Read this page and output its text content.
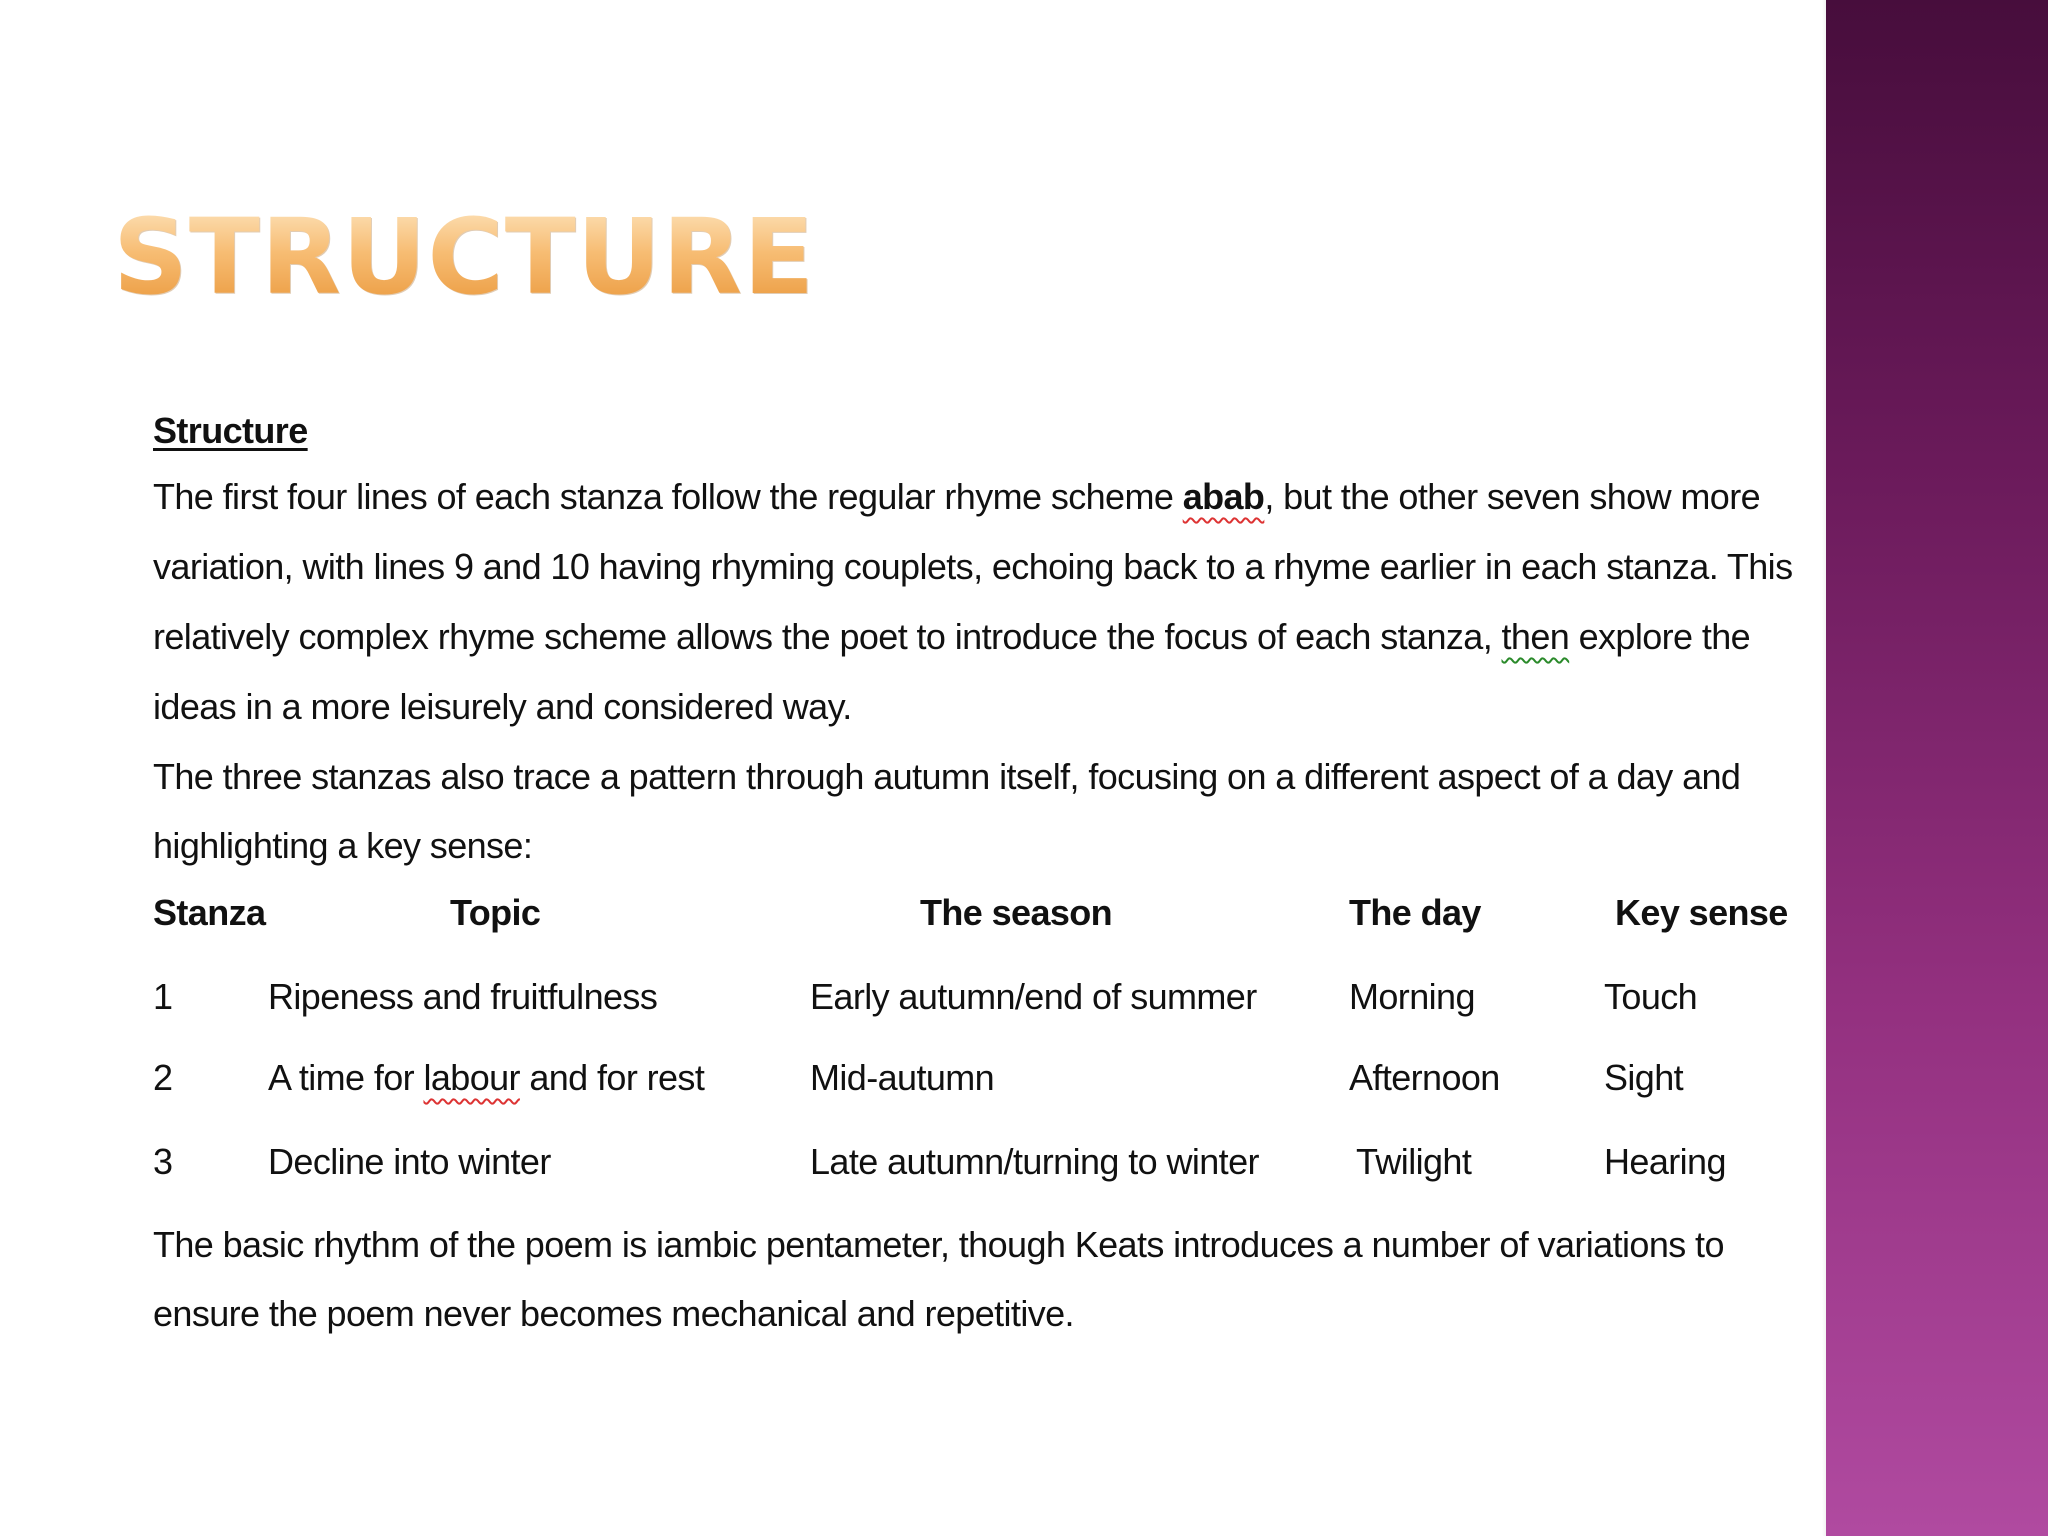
STRUCTURE
Structure
The first four lines of each stanza follow the regular rhyme scheme abab, but the other seven show more variation, with lines 9 and 10 having rhyming couplets, echoing back to a rhyme earlier in each stanza. This relatively complex rhyme scheme allows the poet to introduce the focus of each stanza, then explore the ideas in a more leisurely and considered way.
The three stanzas also trace a pattern through autumn itself, focusing on a different aspect of a day and highlighting a key sense:
Stanza	Topic	The season	The day	Key sense
1	Ripeness and fruitfulness	Early autumn/end of summer	Morning	Touch
2	A time for labour and for rest	Mid-autumn	Afternoon	Sight
3	Decline into winter	Late autumn/turning to winter	Twilight	Hearing
The basic rhythm of the poem is iambic pentameter, though Keats introduces a number of variations to ensure the poem never becomes mechanical and repetitive.
